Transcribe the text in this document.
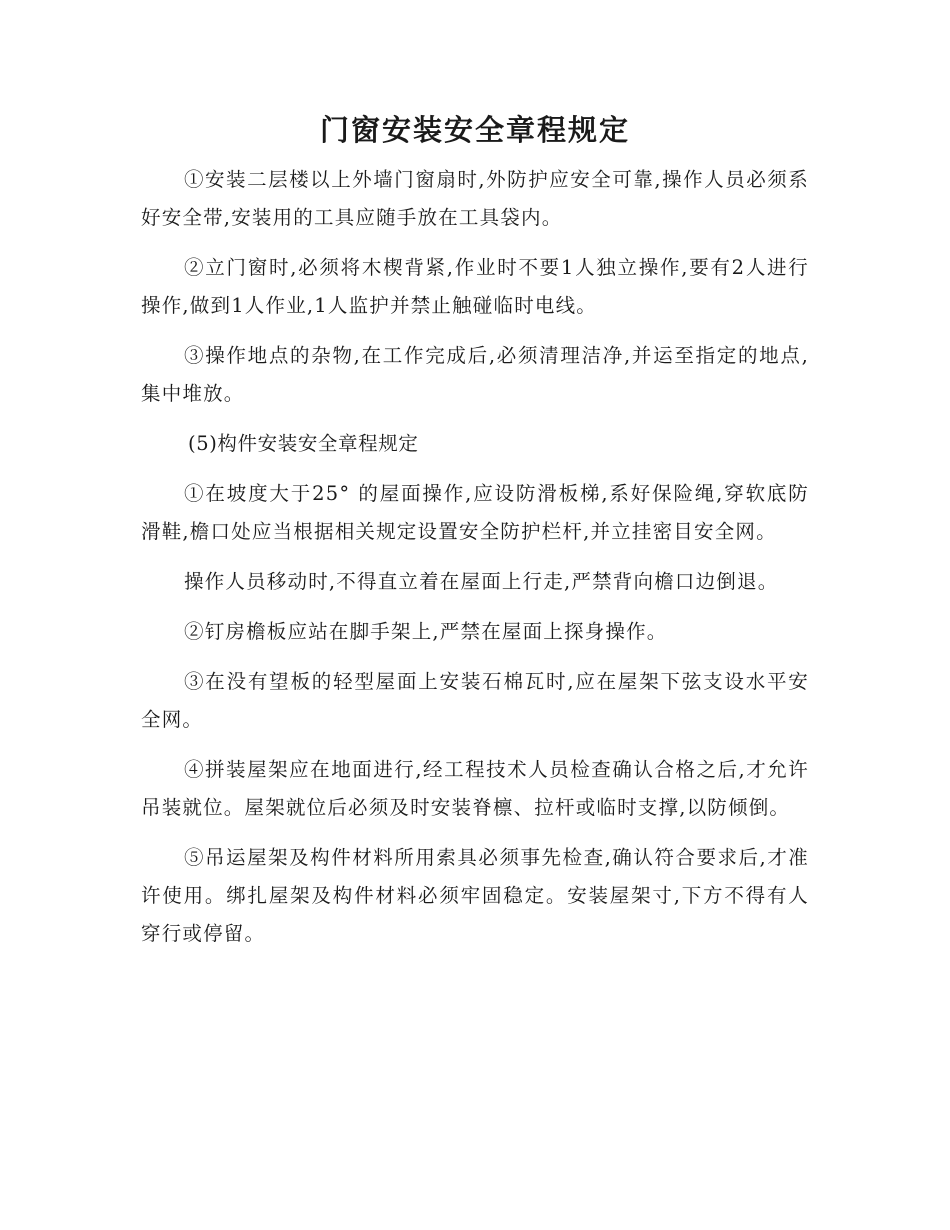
门窗安装安全章程规定

①安装二层楼以上外墙门窗扇时,外防护应安全可靠,操作人员必须系好安全带,安装用的工具应随手放在工具袋内。

②立门窗时,必须将木楔背紧,作业时不要1人独立操作,要有2人进行操作,做到1人作业,1人监护并禁止触碰临时电线。

③操作地点的杂物,在工作完成后,必须清理洁净,并运至指定的地点,集中堆放。

(5)构件安装安全章程规定

①在坡度大于25° 的屋面操作,应设防滑板梯,系好保险绳,穿软底防滑鞋,檐口处应当根据相关规定设置安全防护栏杆,并立挂密目安全网。

操作人员移动时,不得直立着在屋面上行走,严禁背向檐口边倒退。

②钉房檐板应站在脚手架上,严禁在屋面上探身操作。

③在没有望板的轻型屋面上安装石棉瓦时,应在屋架下弦支设水平安全网。

④拼装屋架应在地面进行,经工程技术人员检查确认合格之后,才允许吊装就位。屋架就位后必须及时安装脊檩、拉杆或临时支撑,以防倾倒。

⑤吊运屋架及构件材料所用索具必须事先检查,确认符合要求后,才准许使用。绑扎屋架及构件材料必须牢固稳定。安装屋架寸,下方不得有人穿行或停留。
